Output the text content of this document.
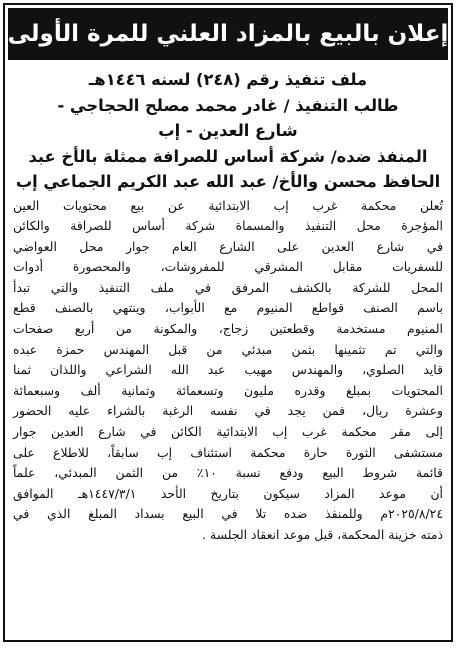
إعلان بالبيع بالمزاد العلني للمرة الأولى
ملف تنفيذ رقم (٢٤٨) لسنه ١٤٤٦هـ
طالب التنفيذ / غادر محمد مصلح الحجاجي -
شارع العدين - إب
المنفذ ضده/ شركة أساس للصرافة ممثلة بالأخ عبد
الحافظ محسن والأخ/ عبد الله عبد الكريم الجماعي إب
تُعلن محكمة غرب إب الابتدائية عن بيع محتويات العين
المؤجرة محل التنفيذ والمسماة شركة أساس للصرافة والكائن
في شارع العدين على الشارع العام جوار محل العواضي
للسفريات مقابل المشرقي للمفروشات، والمحصورة أدوات
المحل للشركة بالكشف المرفق في ملف التنفيذ والتي تبدأ
باسم الصنف قواطع المنيوم مع الأبواب، وينتهي بالصنف قطع
المنيوم مستخدمة وقطعتين زجاج، والمكونة من أربع صفحات
والتي تم تثمينها بثمن مبدئي من قبل المهندس حمزة عبده
قايد الصلوي، والمهندس مهيب عبد الله الشراعي واللذان ثمنا
المحتويات بمبلغ وقدره مليون وتسعمائة وثمانية ألف وسبعمائة
وعشرة ريال، فمن يجد في نفسه الرغبة بالشراء عليه الحضور
إلى مقر محكمة غرب إب الابتدائية الكائن في شارع العدين جوار
مستشفى الثورة حارة محكمة استئناف إب سابقاً، للاطلاع على
قائمة شروط البيع ودفع نسبة ١٠٪ من الثمن المبدئي، علماً
أن موعد المزاد سيكون بتاريخ الأحد ١٤٤٧/٣/١هـ الموافق
٢٠٢٥/٨/٢٤م وللمنفذ ضده تلا في البيع بسداد المبلغ الذي في
ذمته خزينة المحكمة، قبل موعد انعقاد الجلسة .
